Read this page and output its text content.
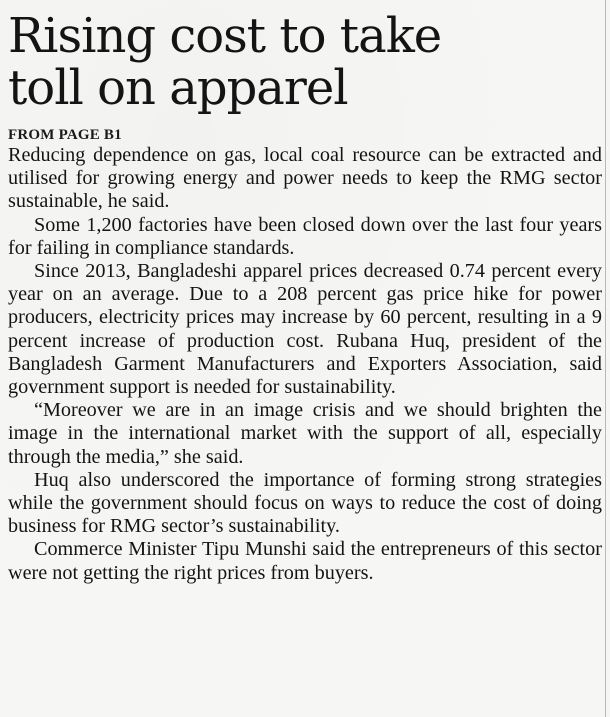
Rising cost to take
toll on apparel
FROM PAGE B1

Reducing dependence on gas, local coal resource can be extracted and utilised for growing energy and power needs to keep the RMG sector sustainable, he said.

Some 1,200 factories have been closed down over the last four years for failing in compliance standards.

Since 2013, Bangladeshi apparel prices decreased 0.74 percent every year on an average. Due to a 208 percent gas price hike for power producers, electricity prices may increase by 60 percent, resulting in a 9 percent increase of production cost. Rubana Huq, president of the Bangladesh Garment Manufacturers and Exporters Association, said government support is needed for sustainability.

“Moreover we are in an image crisis and we should brighten the image in the international market with the support of all, especially through the media,” she said.

Huq also underscored the importance of forming strong strategies while the government should focus on ways to reduce the cost of doing business for RMG sector’s sustainability.

Commerce Minister Tipu Munshi said the entrepreneurs of this sector were not getting the right prices from buyers.
